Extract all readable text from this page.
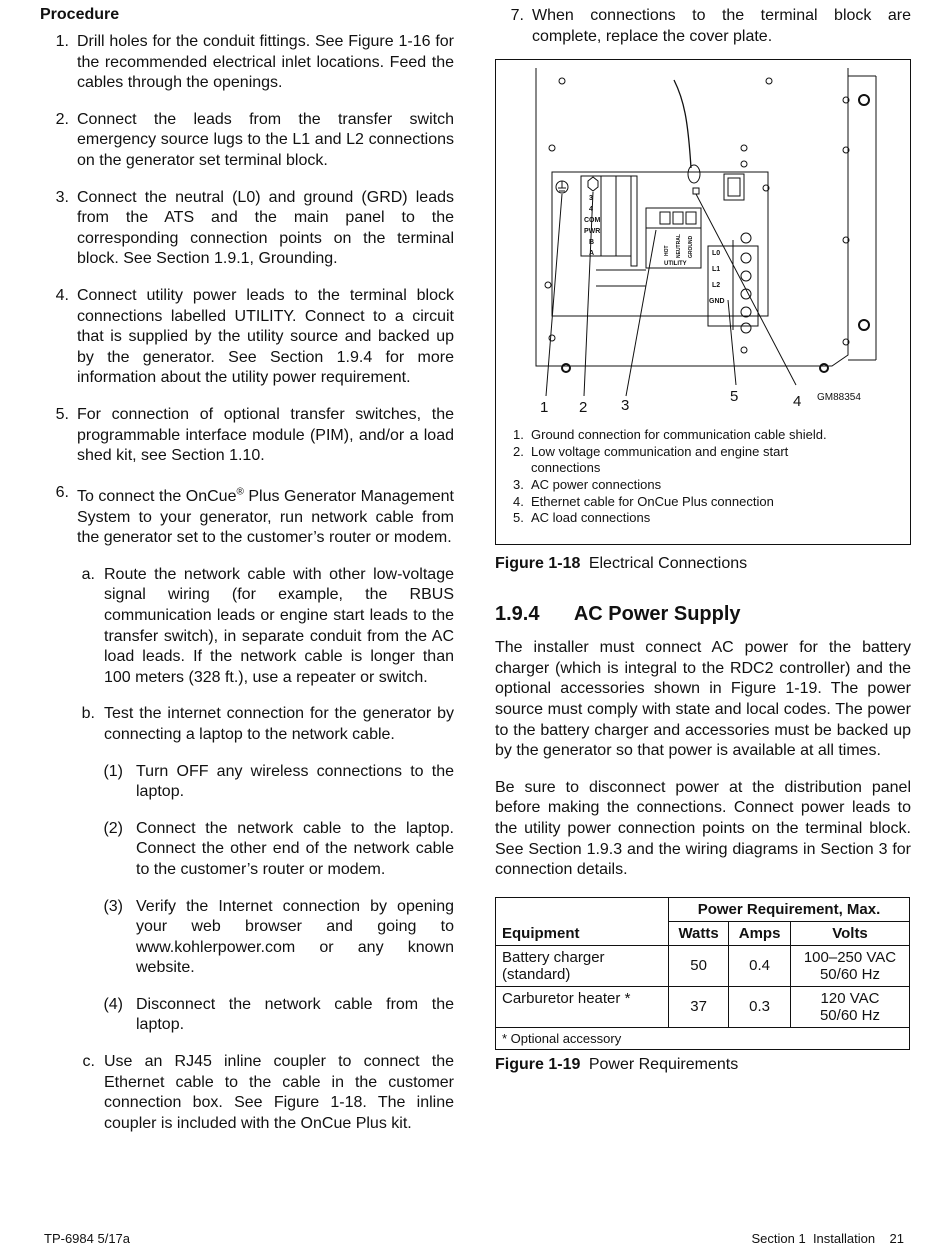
Procedure
1. Drill holes for the conduit fittings. See Figure 1-16 for the recommended electrical inlet locations. Feed the cables through the openings.
2. Connect the leads from the transfer switch emergency source lugs to the L1 and L2 connections on the generator set terminal block.
3. Connect the neutral (L0) and ground (GRD) leads from the ATS and the main panel to the corresponding connection points on the terminal block. See Section 1.9.1, Grounding.
4. Connect utility power leads to the terminal block connections labelled UTILITY. Connect to a circuit that is supplied by the utility source and backed up by the generator. See Section 1.9.4 for more information about the utility power requirement.
5. For connection of optional transfer switches, the programmable interface module (PIM), and/or a load shed kit, see Section 1.10.
6. To connect the OnCue® Plus Generator Management System to your generator, run network cable from the generator set to the customer’s router or modem.
a. Route the network cable with other low-voltage signal wiring (for example, the RBUS communication leads or engine start leads to the transfer switch), in separate conduit from the AC load leads. If the network cable is longer than 100 meters (328 ft.), use a repeater or switch.
b. Test the internet connection for the generator by connecting a laptop to the network cable.
(1) Turn OFF any wireless connections to the laptop.
(2) Connect the network cable to the laptop. Connect the other end of the network cable to the customer’s router or modem.
(3) Verify the Internet connection by opening your web browser and going to www.kohlerpower.com or any known website.
(4) Disconnect the network cable from the laptop.
c. Use an RJ45 inline coupler to connect the Ethernet cable to the cable in the customer connection box. See Figure 1-18. The inline coupler is included with the OnCue Plus kit.
7. When connections to the terminal block are complete, replace the cover plate.
3
4
COM
PWR
B
A	HOT NEUTRAL GROUND
UTILITY
L0
L1
L2
GND
1 2 3
5	4 GM88354
1. Ground connection for communication cable shield.
2. Low voltage communication and engine start connections
3. AC power connections
4. Ethernet cable for OnCue Plus connection
5. AC load connections
Figure 1-18 Electrical Connections
1.9.4 AC Power Supply
The installer must connect AC power for the battery charger (which is integral to the RDC2 controller) and the optional accessories shown in Figure 1-19. The power source must comply with state and local codes. The power to the battery charger and accessories must be backed up by the generator so that power is available at all times.
Be sure to disconnect power at the distribution panel before making the connections. Connect power leads to the utility power connection points on the terminal block. See Section 1.9.3 and the wiring diagrams in Section 3 for connection details.
Equipment	Power Requirement, Max.		
	Watts	Amps	Volts
Battery charger (standard)	50	0.4	100–250 VAC
50/60 Hz

Carburetor heater *	37	0.3	120 VAC
50/60 Hz

* Optional accessory			
Figure 1-19 Power Requirements
TP-6984 5/17a	Section 1  Installation    21
